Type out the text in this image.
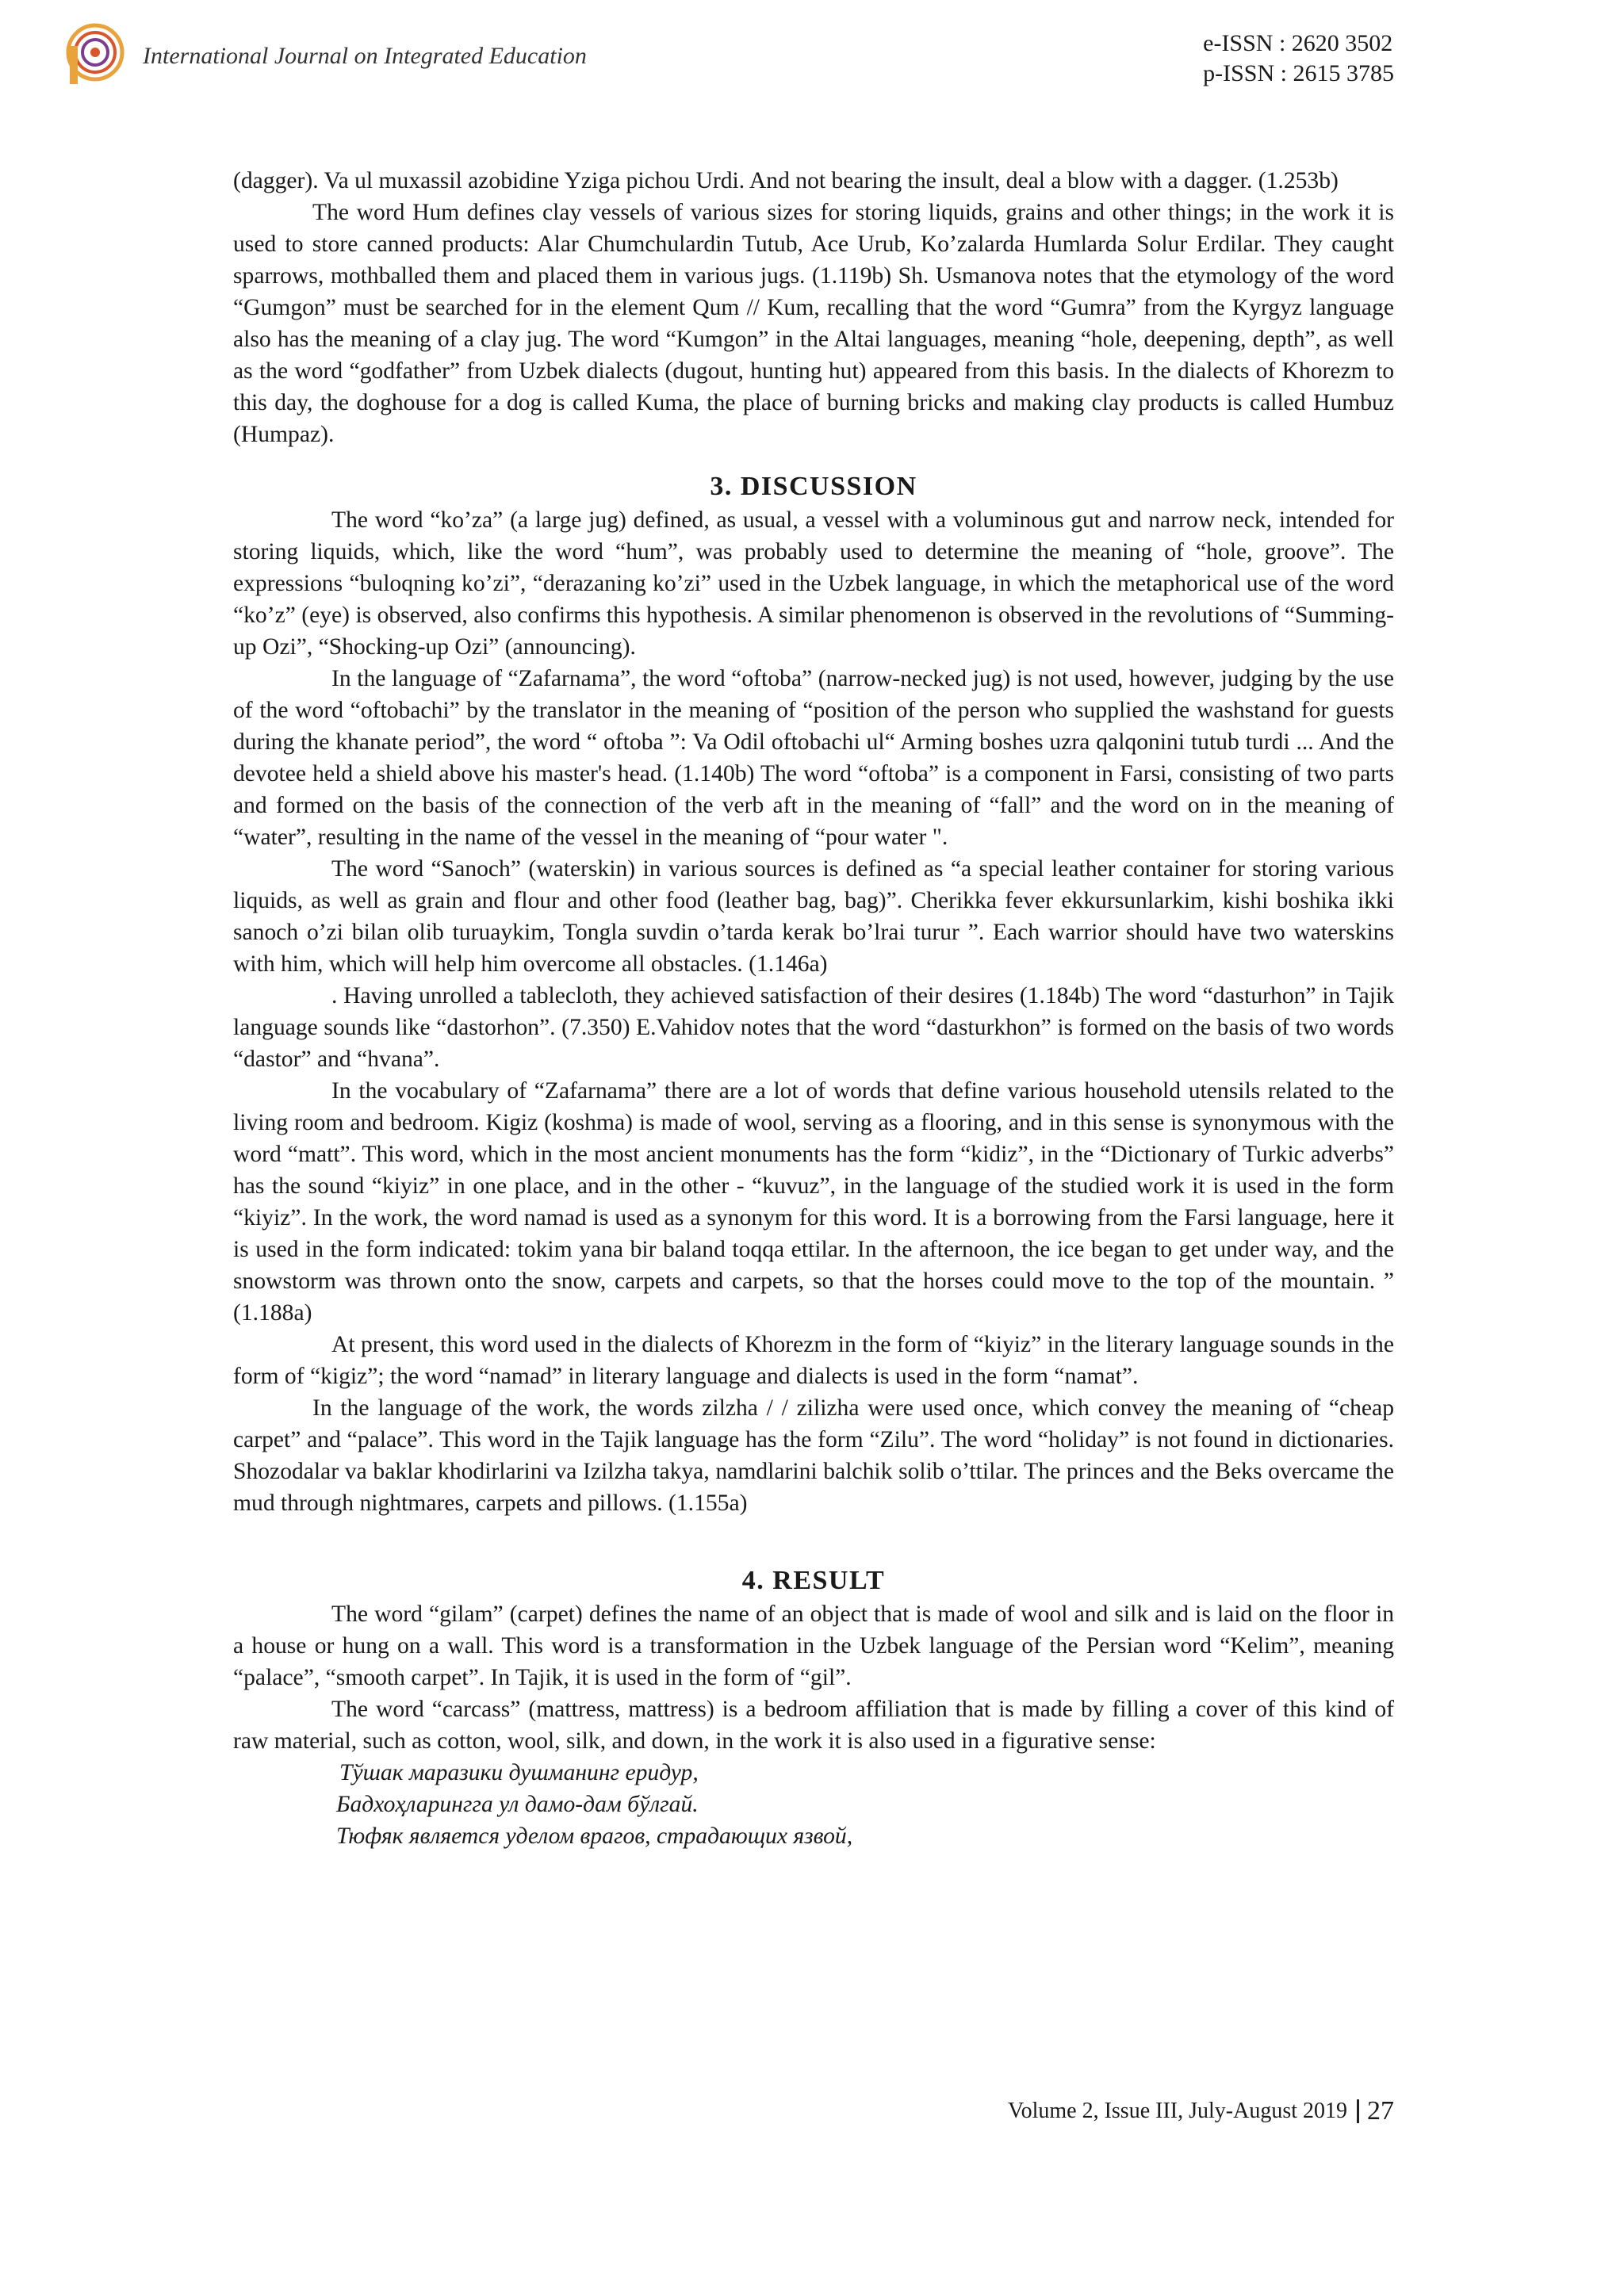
International Journal on Integrated Education	e-ISSN : 2620 3502
p-ISSN : 2615 3785

(dagger). Va ul muxassil azobidine Yziga pichou Urdi. And not bearing the insult, deal a blow with a dagger. (1.253b)

The word Hum defines clay vessels of various sizes for storing liquids, grains and other things; in the work it is used to store canned products: Alar Chumchulardin Tutub, Ace Urub, Ko’zalarda Humlarda Solur Erdilar. They caught sparrows, mothballed them and placed them in various jugs. (1.119b) Sh. Usmanova notes that the etymology of the word “Gumgon” must be searched for in the element Qum // Kum, recalling that the word “Gumra” from the Kyrgyz language also has the meaning of a clay jug. The word “Kumgon” in the Altai languages, meaning “hole, deepening, depth”, as well as the word “godfather” from Uzbek dialects (dugout, hunting hut) appeared from this basis. In the dialects of Khorezm to this day, the doghouse for a dog is called Kuma, the place of burning bricks and making clay products is called Humbuz (Humpaz).

3. DISCUSSION

The word “ko’za” (a large jug) defined, as usual, a vessel with a voluminous gut and narrow neck, intended for storing liquids, which, like the word “hum”, was probably used to determine the meaning of “hole, groove”. The expressions “buloqning ko’zi”, “derazaning ko’zi” used in the Uzbek language, in which the metaphorical use of the word “ko’z” (eye) is observed, also confirms this hypothesis. A similar phenomenon is observed in the revolutions of “Summing-up Ozi”, “Shocking-up Ozi” (announcing).

In the language of “Zafarnama”, the word “oftoba” (narrow-necked jug) is not used, however, judging by the use of the word “oftobachi” by the translator in the meaning of “position of the person who supplied the washstand for guests during the khanate period”, the word “ oftoba ”: Va Odil oftobachi ul“ Arming boshes uzra qalqonini tutub turdi ... And the devotee held a shield above his master's head. (1.140b) The word “oftoba” is a component in Farsi, consisting of two parts and formed on the basis of the connection of the verb aft in the meaning of “fall” and the word on in the meaning of “water”, resulting in the name of the vessel in the meaning of “pour water ".

The word “Sanoch” (waterskin) in various sources is defined as “a special leather container for storing various liquids, as well as grain and flour and other food (leather bag, bag)”. Cherikka fever ekkursunlarkim, kishi boshika ikki sanoch o’zi bilan olib turuaykim, Tongla suvdin o’tarda kerak bo’lrai turur ”. Each warrior should have two waterskins with him, which will help him overcome all obstacles. (1.146a)

. Having unrolled a tablecloth, they achieved satisfaction of their desires (1.184b) The word “dasturhon” in Tajik language sounds like “dastorhon”. (7.350) E.Vahidov notes that the word “dasturkhon” is formed on the basis of two words “dastor” and “hvana”.

In the vocabulary of “Zafarnama” there are a lot of words that define various household utensils related to the living room and bedroom. Kigiz (koshma) is made of wool, serving as a flooring, and in this sense is synonymous with the word “matt”. This word, which in the most ancient monuments has the form “kidiz”, in the “Dictionary of Turkic adverbs” has the sound “kiyiz” in one place, and in the other - “kuvuz”, in the language of the studied work it is used in the form “kiyiz”. In the work, the word namad is used as a synonym for this word. It is a borrowing from the Farsi language, here it is used in the form indicated: tokim yana bir baland toqqa ettilar. In the afternoon, the ice began to get under way, and the snowstorm was thrown onto the snow, carpets and carpets, so that the horses could move to the top of the mountain. ” (1.188a)

At present, this word used in the dialects of Khorezm in the form of “kiyiz” in the literary language sounds in the form of “kigiz”; the word “namad” in literary language and dialects is used in the form “namat”.

In the language of the work, the words zilzha / / zilizha were used once, which convey the meaning of “cheap carpet” and “palace”. This word in the Tajik language has the form “Zilu”. The word “holiday” is not found in dictionaries. Shozodalar va baklar khodirlarini va Izilzha takya, namdlarini balchik solib o’ttilar. The princes and the Beks overcame the mud through nightmares, carpets and pillows. (1.155a)

4. RESULT

The word “gilam” (carpet) defines the name of an object that is made of wool and silk and is laid on the floor in a house or hung on a wall. This word is a transformation in the Uzbek language of the Persian word “Kelim”, meaning “palace”, “smooth carpet”. In Tajik, it is used in the form of “gil”.

The word “carcass” (mattress, mattress) is a bedroom affiliation that is made by filling a cover of this kind of raw material, such as cotton, wool, silk, and down, in the work it is also used in a figurative sense:

Тўшак маразики душманинг еридур,

Бадхоҳларингга ул дамо-дам бўлгай.

Тюфяк является уделом врагов, страдающих язвой,

Volume 2, Issue III, July-August 2019 27
